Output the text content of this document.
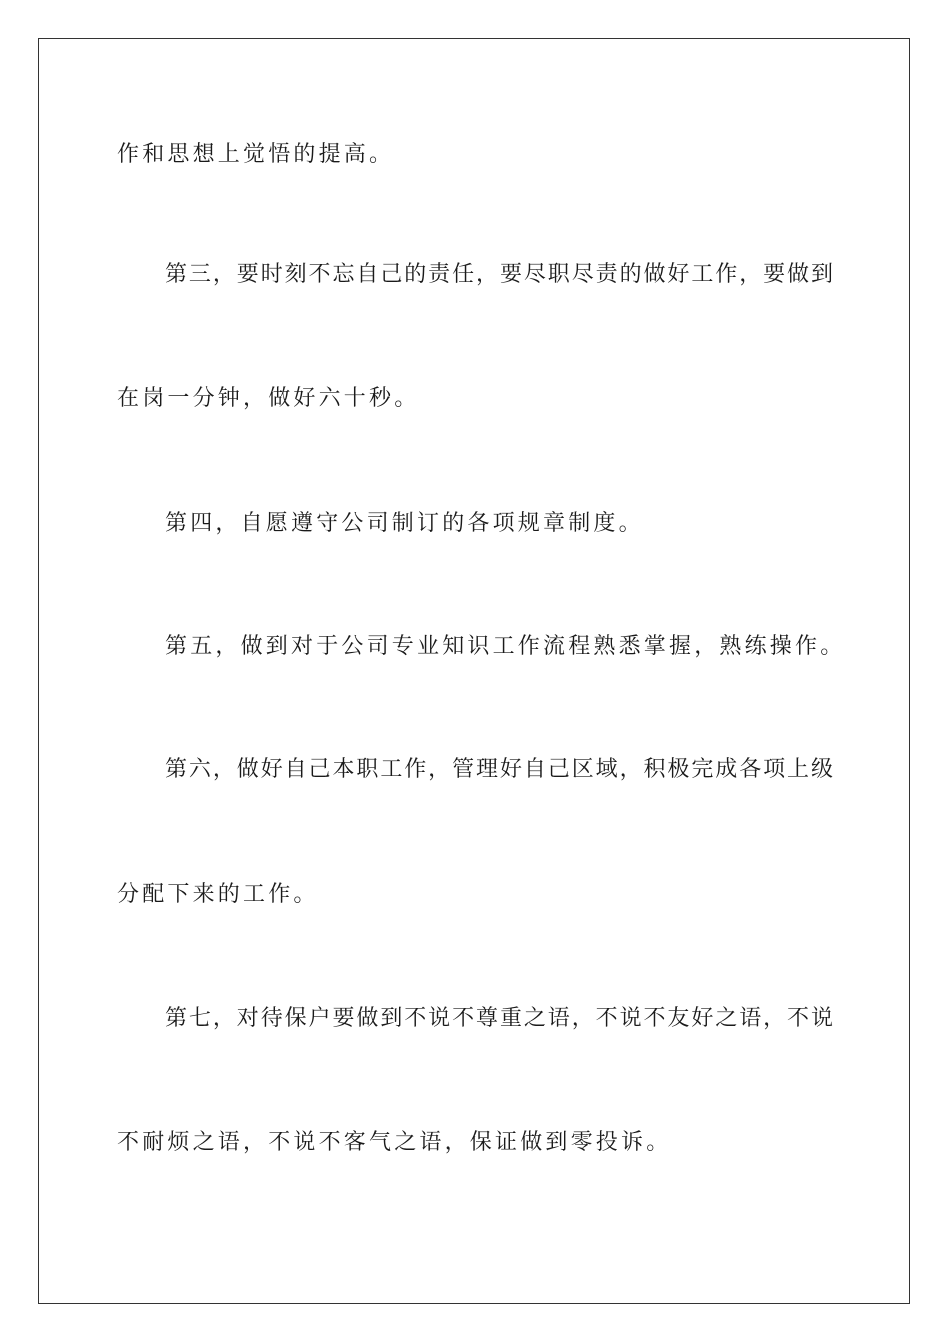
作和思想上觉悟的提高。

第三，要时刻不忘自己的责任，要尽职尽责的做好工作，要做到

在岗一分钟，做好六十秒。

第四，自愿遵守公司制订的各项规章制度。

第五，做到对于公司专业知识工作流程熟悉掌握，熟练操作。

第六，做好自己本职工作，管理好自己区域，积极完成各项上级

分配下来的工作。

第七，对待保户要做到不说不尊重之语，不说不友好之语，不说

不耐烦之语，不说不客气之语，保证做到零投诉。
